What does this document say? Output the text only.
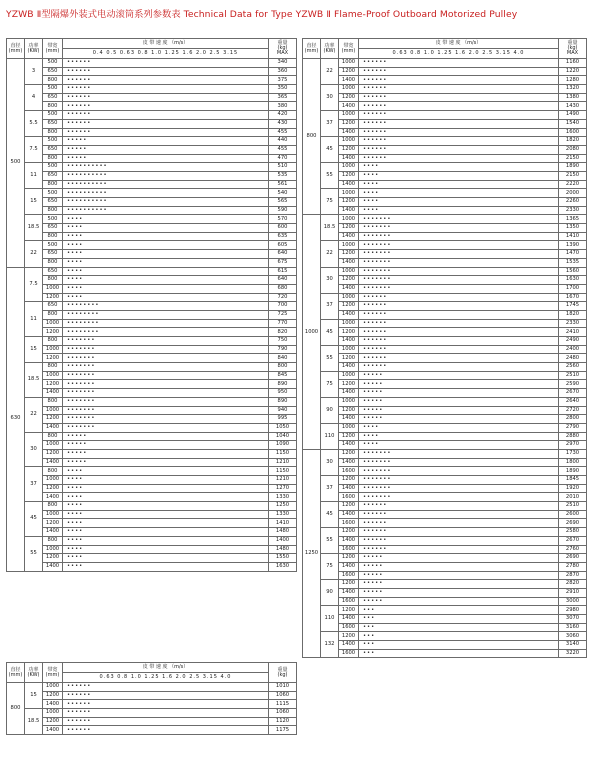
YZWB Ⅱ型隔爆外装式电动滚筒系列参数表 Technical Data for Type YZWB Ⅱ Flame-Proof Outboard Motorized Pulley
直径
(mm)	功率
(KW)	带宽
(mm)	皮 带 速 度 （m/s）	重量
(kg)
MAX
			0.4 0.5 0.63 0.8 1.0 1.25 1.6 2.0 2.5 3.15	
500	3	500	••••••	340
		650	••••••	360
		800	••••••	375
	4	500	••••••	350
		650	••••••	365
		800	••••••	380
	5.5	500	••••••	420
		650	••••••	430
		800	••••••	455
	7.5	500	•••••	440
		650	•••••	455
		800	•••••	470
	11	500	••••••••••	510
		650	••••••••••	535
		800	••••••••••	561
	15	500	••••••••••	540
		650	••••••••••	565
		800	••••••••••	590
	18.5	500	••••	570
		650	••••	600
		800	••••	635
	22	500	••••	605
		650	••••	640
		800	••••	675
630	7.5	650	••••	615
		800	••••	640
		1000	••••	680
		1200	••••	720
	11	650	••••••••	700
		800	••••••••	725
		1000	••••••••	770
		1200	••••••••	820
	15	800	•••••••	750
		1000	•••••••	790
		1200	•••••••	840
	18.5	800	•••••••	800
		1000	•••••••	845
		1200	•••••••	890
		1400	•••••••	950
	22	800	•••••••	890
		1000	•••••••	940
		1200	•••••••	995
		1400	•••••••	1050
	30	800	•••••	1040
		1000	•••••	1090
		1200	•••••	1150
		1400	•••••	1210
	37	800	••••	1150
		1000	••••	1210
		1200	••••	1270
		1400	••••	1330
	45	800	••••	1250
		1000	••••	1330
		1200	••••	1410
		1400	••••	1480
	55	800	••••	1400
		1000	••••	1480
		1200	••••	1550
		1400	••••	1630
直径
(mm)	功率
(KW)	带宽
(mm)	皮 带 速 度 （m/s）	重量
(kg)
			0.63 0.8 1.0 1.25 1.6 2.0 2.5 3.15 4.0	
800	15	1000	••••••	1010
		1200	••••••	1060
		1400	••••••	1115
	18.5	1000	••••••	1060
		1200	••••••	1120
		1400	••••••	1175
直径
(mm)	功率
(KW)	带宽
(mm)	皮 带 速 度 （m/s）	重量
(kg)
MAX
			0.63 0.8 1.0 1.25 1.6 2.0 2.5 3.15 4.0	
800	22	1000	••••••	1160
		1200	••••••	1220
		1400	••••••	1280
	30	1000	••••••	1320
		1200	••••••	1380
		1400	••••••	1430
	37	1000	••••••	1490
		1200	••••••	1540
		1400	••••••	1600
	45	1000	••••••	1820
		1200	••••••	2080
		1400	••••••	2150
	55	1000	••••	1890
		1200	••••	2150
		1400	••••	2220
	75	1000	••••	2000
		1200	••••	2260
		1400	••••	2330
1000	18.5	1000	•••••••	1365
		1200	•••••••	1350
		1400	•••••••	1410
	22	1000	•••••••	1390
		1200	•••••••	1470
		1400	•••••••	1535
	30	1000	•••••••	1560
		1200	•••••••	1630
		1400	•••••••	1700
	37	1000	••••••	1670
		1200	••••••	1745
		1400	••••••	1820
	45	1000	••••••	2330
		1200	••••••	2410
		1400	••••••	2490
	55	1000	••••••	2400
		1200	••••••	2480
		1400	••••••	2560
	75	1000	•••••	2510
		1200	•••••	2590
		1400	•••••	2670
	90	1000	•••••	2640
		1200	•••••	2720
		1400	•••••	2800
	110	1000	••••	2790
		1200	••••	2880
		1400	••••	2970
1250	30	1200	•••••••	1730
		1400	•••••••	1800
		1600	•••••••	1890
	37	1200	•••••••	1845
		1400	•••••••	1920
		1600	•••••••	2010
	45	1200	••••••	2510
		1400	••••••	2600
		1600	••••••	2690
	55	1200	••••••	2580
		1400	••••••	2670
		1600	••••••	2760
	75	1200	•••••	2690
		1400	•••••	2780
		1600	•••••	2870
	90	1200	•••••	2820
		1400	•••••	2910
		1600	•••••	3000
	110	1200	•••	2980
		1400	•••	3070
		1600	•••	3160
	132	1200	•••	3060
		1400	•••	3140
		1600	•••	3220
